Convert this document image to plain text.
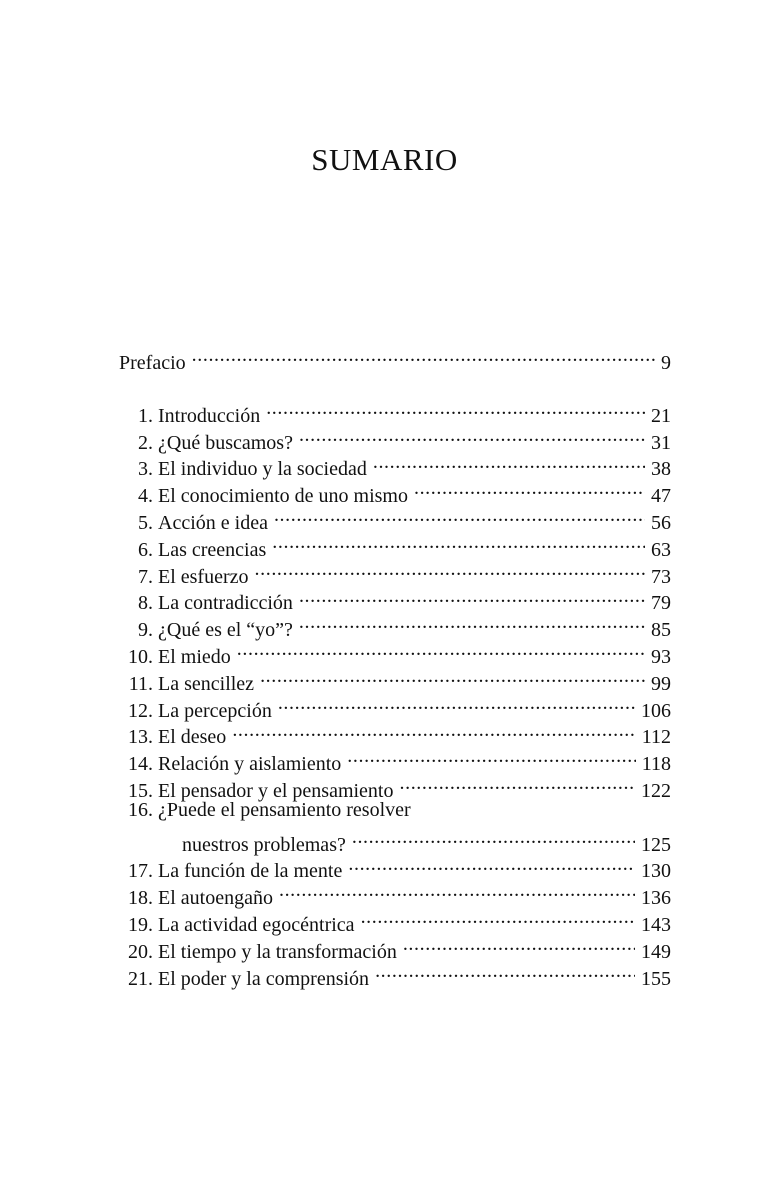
SUMARIO
Prefacio .....	9
1. Introducción .....	21
2. ¿Qué buscamos? .....	31
3. El individuo y la sociedad .....	38
4. El conocimiento de uno mismo .....	47
5. Acción e idea .....	56
6. Las creencias .....	63
7. El esfuerzo .....	73
8. La contradicción .....	79
9. ¿Qué es el “yo”? .....	85
10. El miedo .....	93
11. La sencillez .....	99
12. La percepción .....	106
13. El deseo .....	112
14. Relación y aislamiento .....	118
15. El pensador y el pensamiento .....	122
16. ¿Puede el pensamiento resolver
nuestros problemas? .....	125
17. La función de la mente .....	130
18. El autoengaño .....	136
19. La actividad egocéntrica .....	143
20. El tiempo y la transformación .....	149
21. El poder y la comprensión .....	155
